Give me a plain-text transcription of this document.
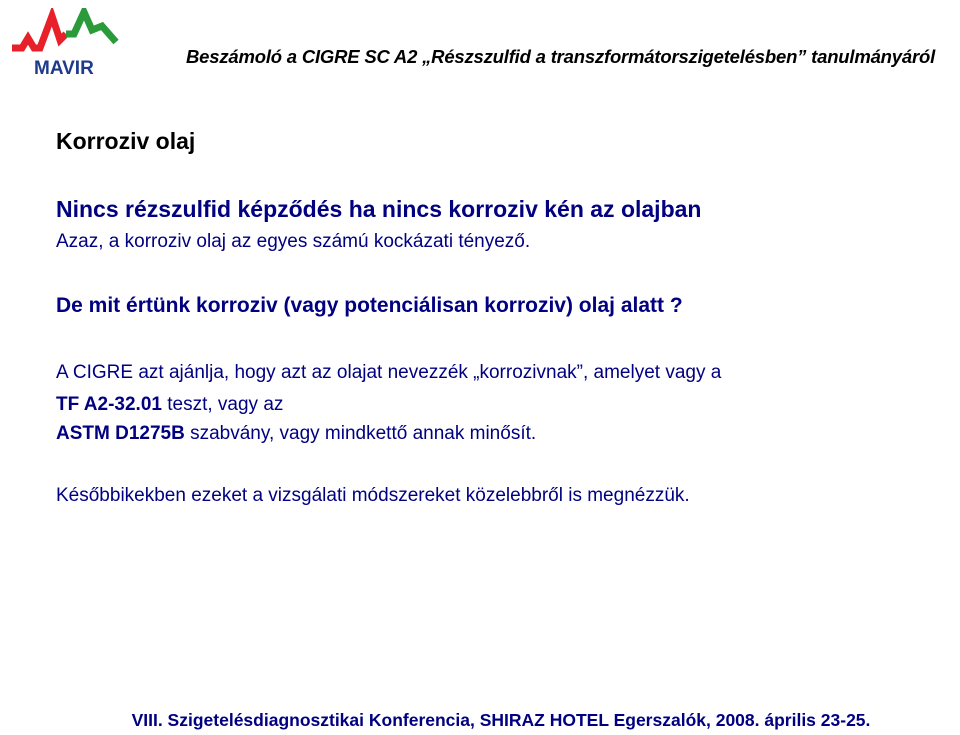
MAVIR
Beszámoló a CIGRE SC A2 „Részszulfid a transzformátorszigetelésben” tanulmányáról
Korroziv olaj
Nincs rézszulfid képződés ha nincs korroziv kén az olajban
Azaz, a korroziv olaj az egyes számú kockázati tényező.
De mit értünk korroziv (vagy potenciálisan korroziv) olaj alatt ?
A CIGRE azt ajánlja, hogy azt az olajat nevezzék „korrozivnak”, amelyet vagy a
TF A2-32.01 teszt, vagy az
ASTM D1275B szabvány, vagy mindkettő annak minősít.
Későbbikekben ezeket a vizsgálati módszereket közelebbről is megnézzük.
VIII. Szigetelésdiagnosztikai Konferencia, SHIRAZ HOTEL Egerszalók, 2008. április 23-25.
